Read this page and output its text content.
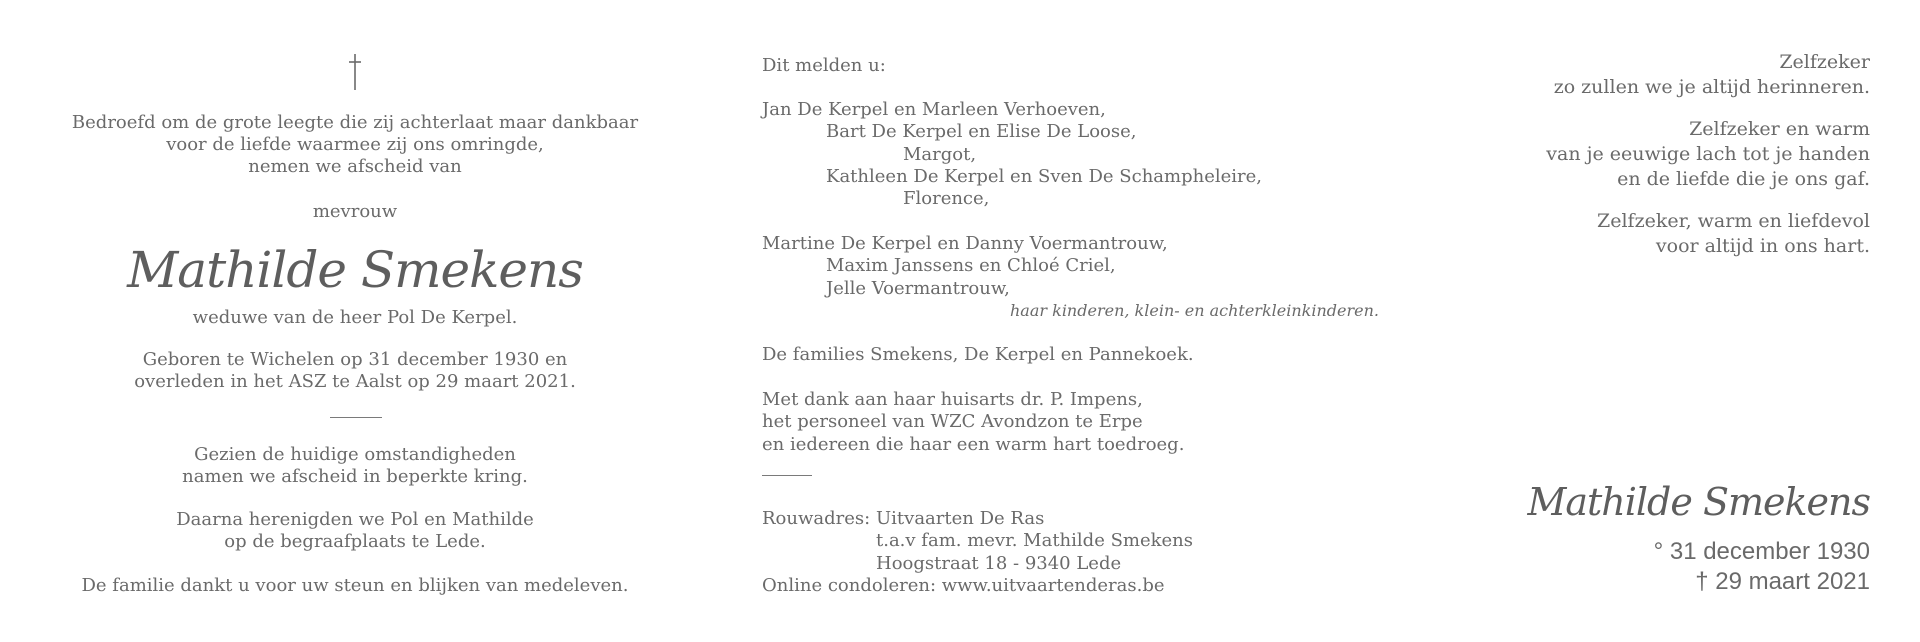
Bedroefd om de grote leegte die zij achterlaat maar dankbaar
voor de liefde waarmee zij ons omringde,
nemen we afscheid van
mevrouw
Mathilde Smekens
weduwe van de heer Pol De Kerpel.
Geboren te Wichelen op 31 december 1930 en
overleden in het ASZ te Aalst op 29 maart 2021.
Gezien de huidige omstandigheden
namen we afscheid in beperkte kring.
Daarna herenigden we Pol en Mathilde
op de begraafplaats te Lede.
De familie dankt u voor uw steun en blijken van medeleven.
Dit melden u:
Jan De Kerpel en Marleen Verhoeven,
Bart De Kerpel en Elise De Loose,
Margot,
Kathleen De Kerpel en Sven De Schampheleire,
Florence,
Martine De Kerpel en Danny Voermantrouw,
Maxim Janssens en Chloé Criel,
Jelle Voermantrouw,
haar kinderen, klein- en achterkleinkinderen.
De families Smekens, De Kerpel en Pannekoek.
Met dank aan haar huisarts dr. P. Impens,
het personeel van WZC Avondzon te Erpe
en iedereen die haar een warm hart toedroeg.
Rouwadres: Uitvaarten De Ras
t.a.v fam. mevr. Mathilde Smekens
Hoogstraat 18 - 9340 Lede
Online condoleren: www.uitvaartenderas.be
Zelfzeker
zo zullen we je altijd herinneren.
Zelfzeker en warm
van je eeuwige lach tot je handen
en de liefde die je ons gaf.
Zelfzeker, warm en liefdevol
voor altijd in ons hart.
Mathilde Smekens
° 31 december 1930
† 29 maart 2021
